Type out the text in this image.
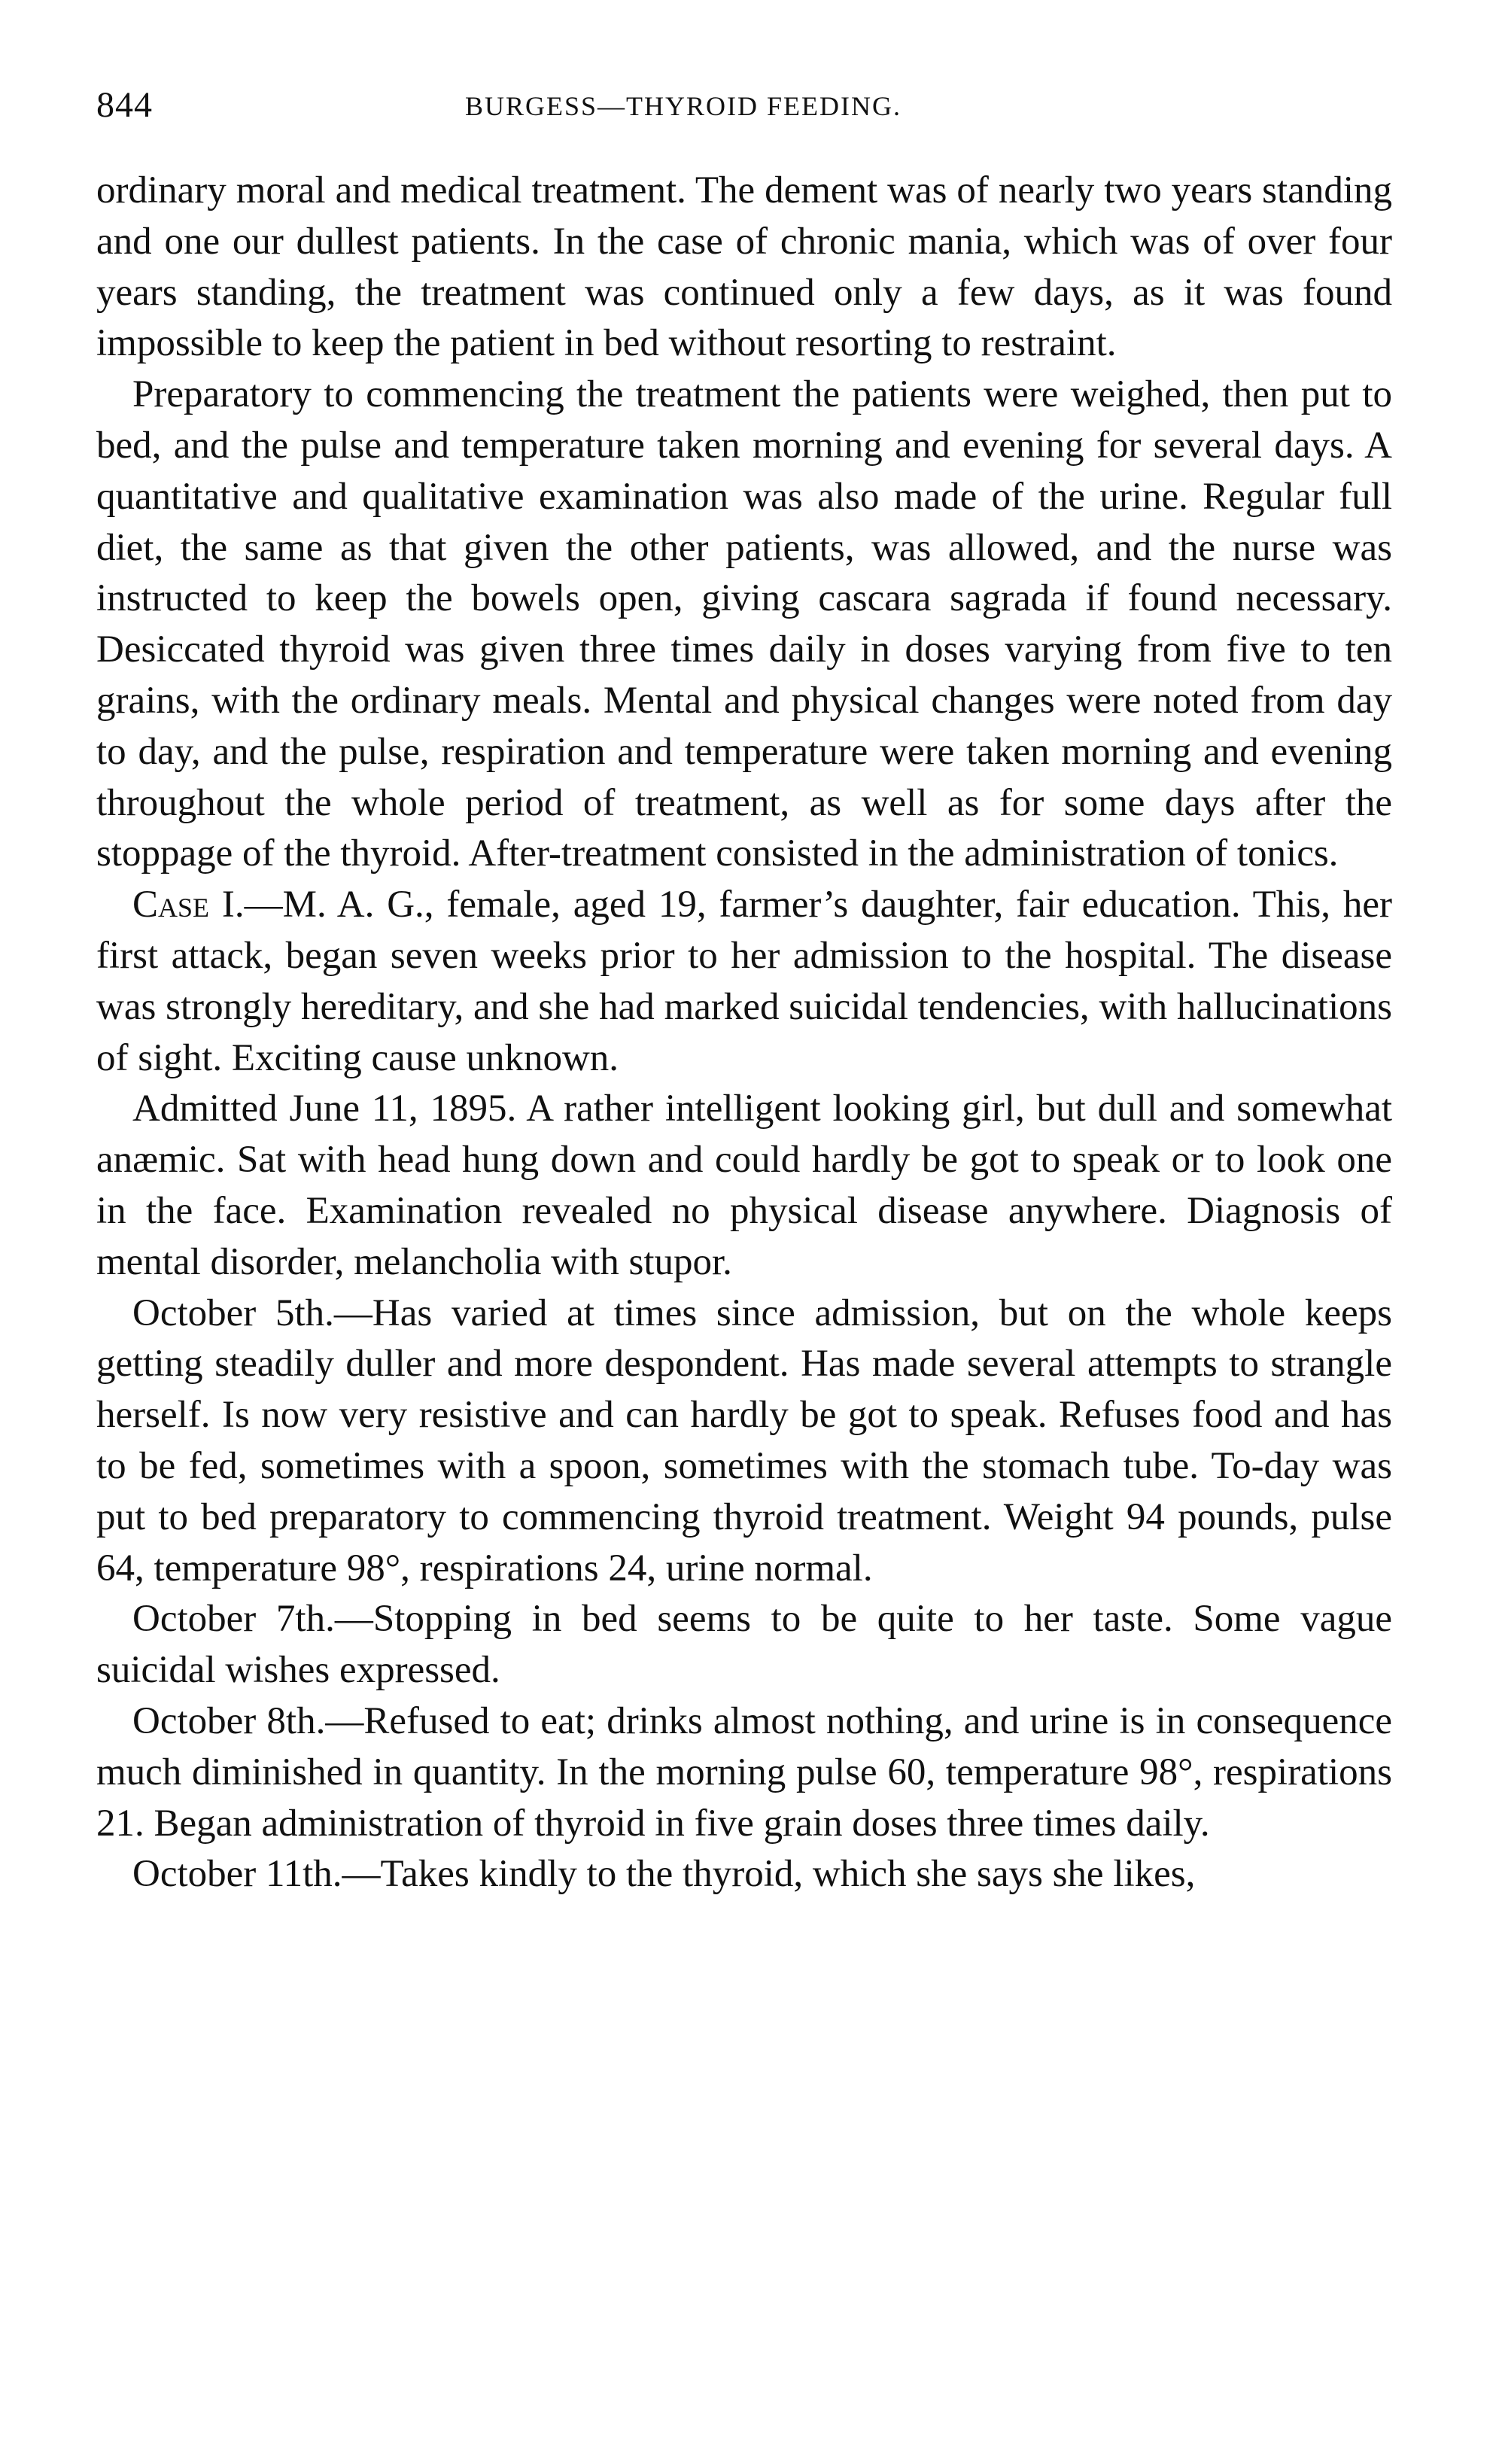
844	BURGESS—THYROID FEEDING.

ordinary moral and medical treatment. The dement was of nearly two years standing and one our dullest patients. In the case of chronic mania, which was of over four years standing, the treatment was continued only a few days, as it was found impossible to keep the patient in bed without resorting to restraint.

Preparatory to commencing the treatment the patients were weighed, then put to bed, and the pulse and temperature taken morning and evening for several days. A quantitative and qualitative examination was also made of the urine. Regular full diet, the same as that given the other patients, was allowed, and the nurse was instructed to keep the bowels open, giving cascara sagrada if found necessary. Desiccated thyroid was given three times daily in doses varying from five to ten grains, with the ordinary meals. Mental and physical changes were noted from day to day, and the pulse, respiration and temperature were taken morning and evening throughout the whole period of treatment, as well as for some days after the stoppage of the thyroid. After-treatment consisted in the administration of tonics.

Case I.—M. A. G., female, aged 19, farmer’s daughter, fair education. This, her first attack, began seven weeks prior to her admission to the hospital. The disease was strongly hereditary, and she had marked suicidal tendencies, with hallucinations of sight. Exciting cause unknown.

Admitted June 11, 1895. A rather intelligent looking girl, but dull and somewhat anæmic. Sat with head hung down and could hardly be got to speak or to look one in the face. Examination revealed no physical disease anywhere. Diagnosis of mental disorder, melancholia with stupor.

October 5th.—Has varied at times since admission, but on the whole keeps getting steadily duller and more despondent. Has made several attempts to strangle herself. Is now very resistive and can hardly be got to speak. Refuses food and has to be fed, sometimes with a spoon, sometimes with the stomach tube. To-day was put to bed preparatory to commencing thyroid treatment. Weight 94 pounds, pulse 64, temperature 98°, respirations 24, urine normal.

October 7th.—Stopping in bed seems to be quite to her taste. Some vague suicidal wishes expressed.

October 8th.—Refused to eat; drinks almost nothing, and urine is in consequence much diminished in quantity. In the morning pulse 60, temperature 98°, respirations 21. Began administration of thyroid in five grain doses three times daily.

October 11th.—Takes kindly to the thyroid, which she says she likes,
